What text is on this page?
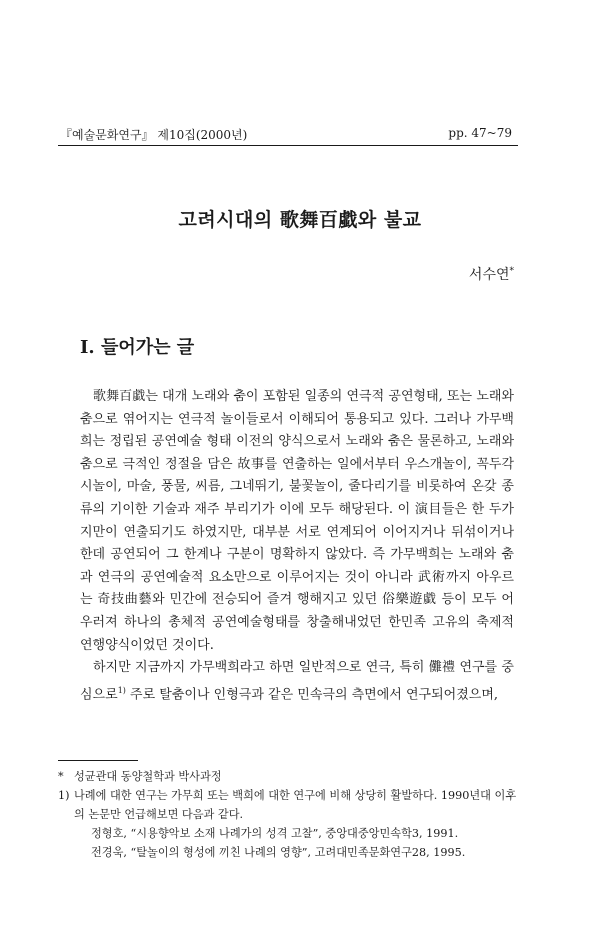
『예술문화연구』 제10집(2000년)	pp. 47~79
고려시대의 歌舞百戱와 불교
서수연*
I. 들어가는 글

歌舞百戱는 대개 노래와 춤이 포함된 일종의 연극적 공연형태, 또는 노래와 춤으로 엮어지는 연극적 놀이들로서 이해되어 통용되고 있다. 그러나 가무백희는 정립된 공연예술 형태 이전의 양식으로서 노래와 춤은 물론하고, 노래와 춤으로 극적인 정절을 담은 故事를 연출하는 일에서부터 우스개놀이, 꼭두각시놀이, 마술, 풍물, 씨름, 그네뛰기, 불꽃놀이, 줄다리기를 비롯하여 온갖 종류의 기이한 기술과 재주 부리기가 이에 모두 해당된다. 이 演目들은 한 두가지만이 연출되기도 하였지만, 대부분 서로 연계되어 이어지거나 뒤섞이거나 한데 공연되어 그 한계나 구분이 명확하지 않았다. 즉 가무백희는 노래와 춤과 연극의 공연예술적 요소만으로 이루어지는 것이 아니라 武術까지 아우르는 奇技曲藝와 민간에 전승되어 즐겨 행해지고 있던 俗樂遊戱 등이 모두 어우러져 하나의 총체적 공연예술형태를 창출해내었던 한민족 고유의 축제적 연행양식이었던 것이다.

하지만 지금까지 가무백희라고 하면 일반적으로 연극, 특히 儺禮 연구를 중심으로$^{1)}$ 주로 탈춤이나 인형극과 같은 민속극의 측면에서 연구되어졌으며,

* 성균관대 동양철학과 박사과정
1) 나례에 대한 연구는 가무희 또는 백희에 대한 연구에 비해 상당히 활발하다. 1990년대 이후의 논문만 언급해보면 다음과 같다.
정형호, “시용향악보 소재 나례가의 성격 고찰”, 중앙대중앙민속학3, 1991.
전경욱, “탈놀이의 형성에 끼친 나례의 영향”, 고려대민족문화연구28, 1995.
